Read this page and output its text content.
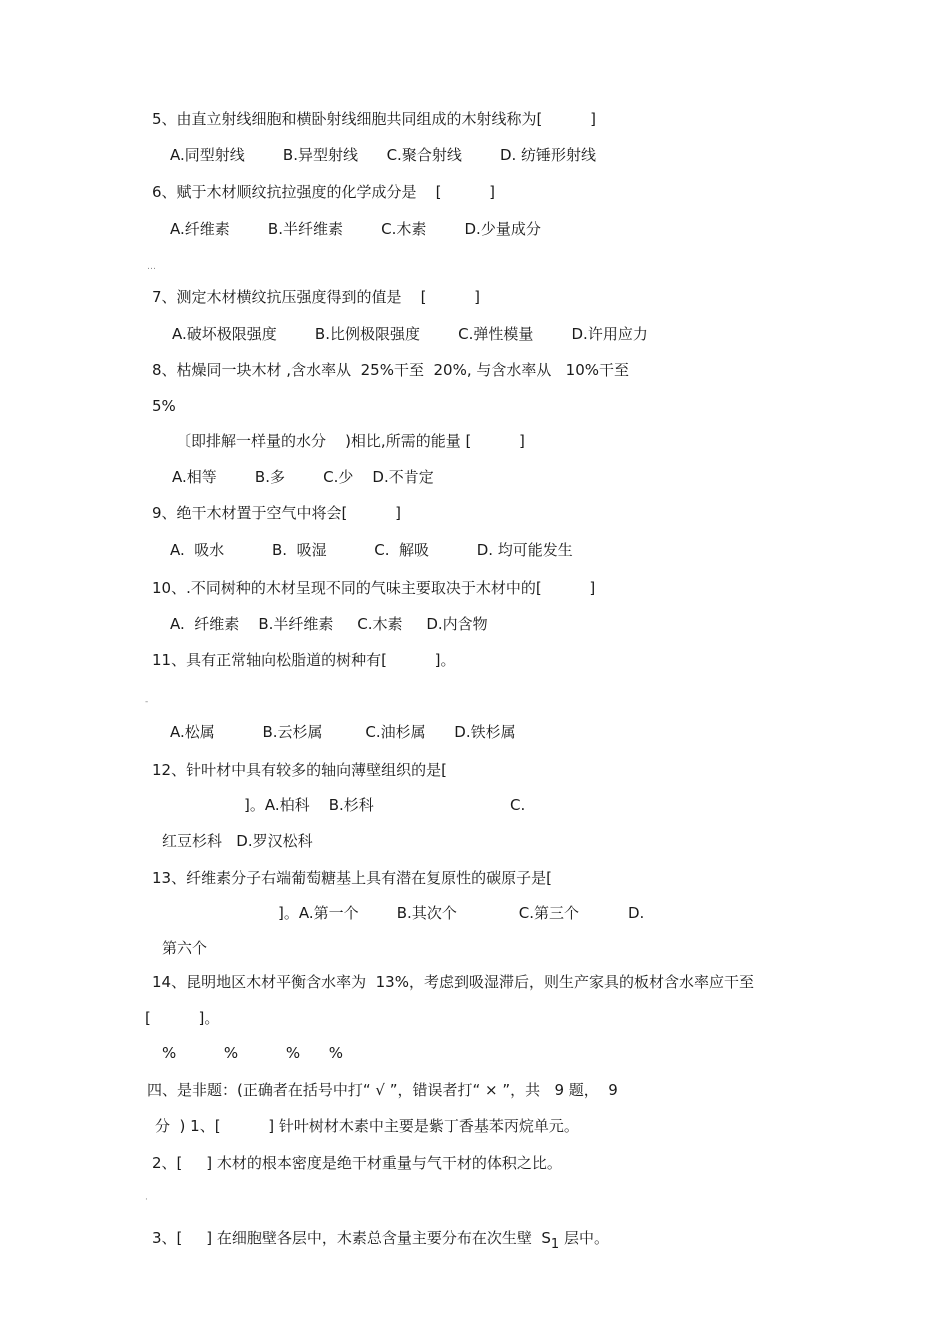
5、由直立射线细胞和横卧射线细胞共同组成的木射线称为[          ]
A.同型射线        B.异型射线      C.聚合射线        D. 纺锤形射线
6、赋于木材顺纹抗拉强度的化学成分是    [          ]
A.纤维素        B.半纤维素        C.木素        D.少量成分
…
7、测定木材横纹抗压强度得到的值是    [          ]
A.破坏极限强度        B.比例极限强度        C.弹性模量        D.许用应力
8、枯燥同一块木材 ,含水率从  25%干至  20%, 与含水率从   10%干至
5%
〔即排解一样量的水分    )相比,所需的能量 [          ]
A.相等        B.多        C.少    D.不肯定
9、绝干木材置于空气中将会[          ]
A.  吸水          B.  吸湿          C.  解吸          D. 均可能发生
10、.不同树种的木材呈现不同的气味主要取决于木材中的[          ]
A.  纤维素    B.半纤维素     C.木素     D.内含物
11、具有正常轴向松脂道的树种有[          ]。
-
A.松属          B.云杉属         C.油杉属      D.铁杉属
12、针叶材中具有较多的轴向薄壁组织的是[
]。A.柏科    B.杉科	C.
红豆杉科   D.罗汉松科
13、纤维素分子右端葡萄糖基上具有潜在复原性的碳原子是[
]。A.第一个        B.其次个             C.第三个	D.
第六个
14、昆明地区木材平衡含水率为  13%，考虑到吸湿滞后，则生产家具的板材含水率应干至
[          ]。
%          %          %      %
四、是非题：(正确者在括号中打“ √ ”，错误者打“ × ”，共   9 题，  9
分  ) 1、[          ] 针叶树材木素中主要是紫丁香基苯丙烷单元。
2、[     ] 木材的根本密度是绝干材重量与气干材的体积之比。
·
3、[     ] 在细胞壁各层中，木素总含量主要分布在次生壁  $S_1$ 层中。
